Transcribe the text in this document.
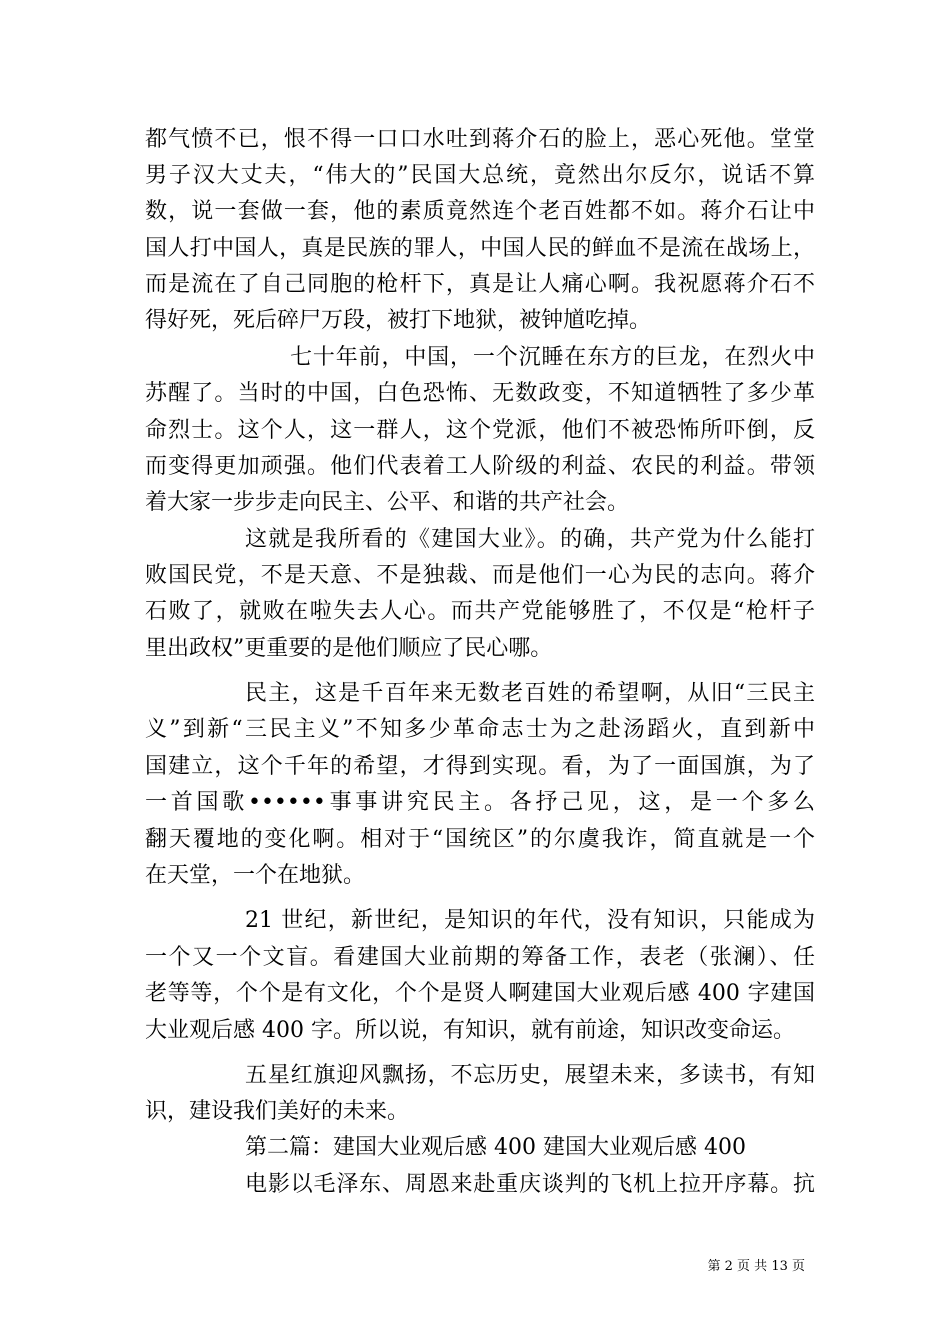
都气愤不已，恨不得一口口水吐到蒋介石的脸上，恶心死他。堂堂
男子汉大丈夫，“伟大的”民国大总统，竟然出尔反尔，说话不算
数，说一套做一套，他的素质竟然连个老百姓都不如。蒋介石让中
国人打中国人，真是民族的罪人，中国人民的鲜血不是流在战场上，
而是流在了自己同胞的枪杆下，真是让人痛心啊。我祝愿蒋介石不
得好死，死后碎尸万段，被打下地狱，被钟馗吃掉。
七十年前，中国，一个沉睡在东方的巨龙，在烈火中
苏醒了。当时的中国，白色恐怖、无数政变，不知道牺牲了多少革
命烈士。这个人，这一群人，这个党派，他们不被恐怖所吓倒，反
而变得更加顽强。他们代表着工人阶级的利益、农民的利益。带领
着大家一步步走向民主、公平、和谐的共产社会。
这就是我所看的《建国大业》。的确，共产党为什么能打
败国民党，不是天意、不是独裁、而是他们一心为民的志向。蒋介
石败了，就败在啦失去人心。而共产党能够胜了，不仅是“枪杆子
里出政权”更重要的是他们顺应了民心哪。
民主，这是千百年来无数老百姓的希望啊，从旧“三民主
义”到新“三民主义”不知多少革命志士为之赴汤蹈火，直到新中
国建立，这个千年的希望，才得到实现。看，为了一面国旗，为了
一首国歌••••••事事讲究民主。各抒己见，这，是一个多么
翻天覆地的变化啊。相对于“国统区”的尔虞我诈，简直就是一个
在天堂，一个在地狱。
21 世纪，新世纪，是知识的年代，没有知识，只能成为
一个又一个文盲。看建国大业前期的筹备工作，表老（张澜）、任
老等等，个个是有文化，个个是贤人啊建国大业观后感 400 字建国
大业观后感 400 字。所以说，有知识，就有前途，知识改变命运。
五星红旗迎风飘扬，不忘历史，展望未来，多读书，有知
识，建设我们美好的未来。
第二篇：建国大业观后感 400 建国大业观后感 400
电影以毛泽东、周恩来赴重庆谈判的飞机上拉开序幕。抗
第 2 页 共 13 页
